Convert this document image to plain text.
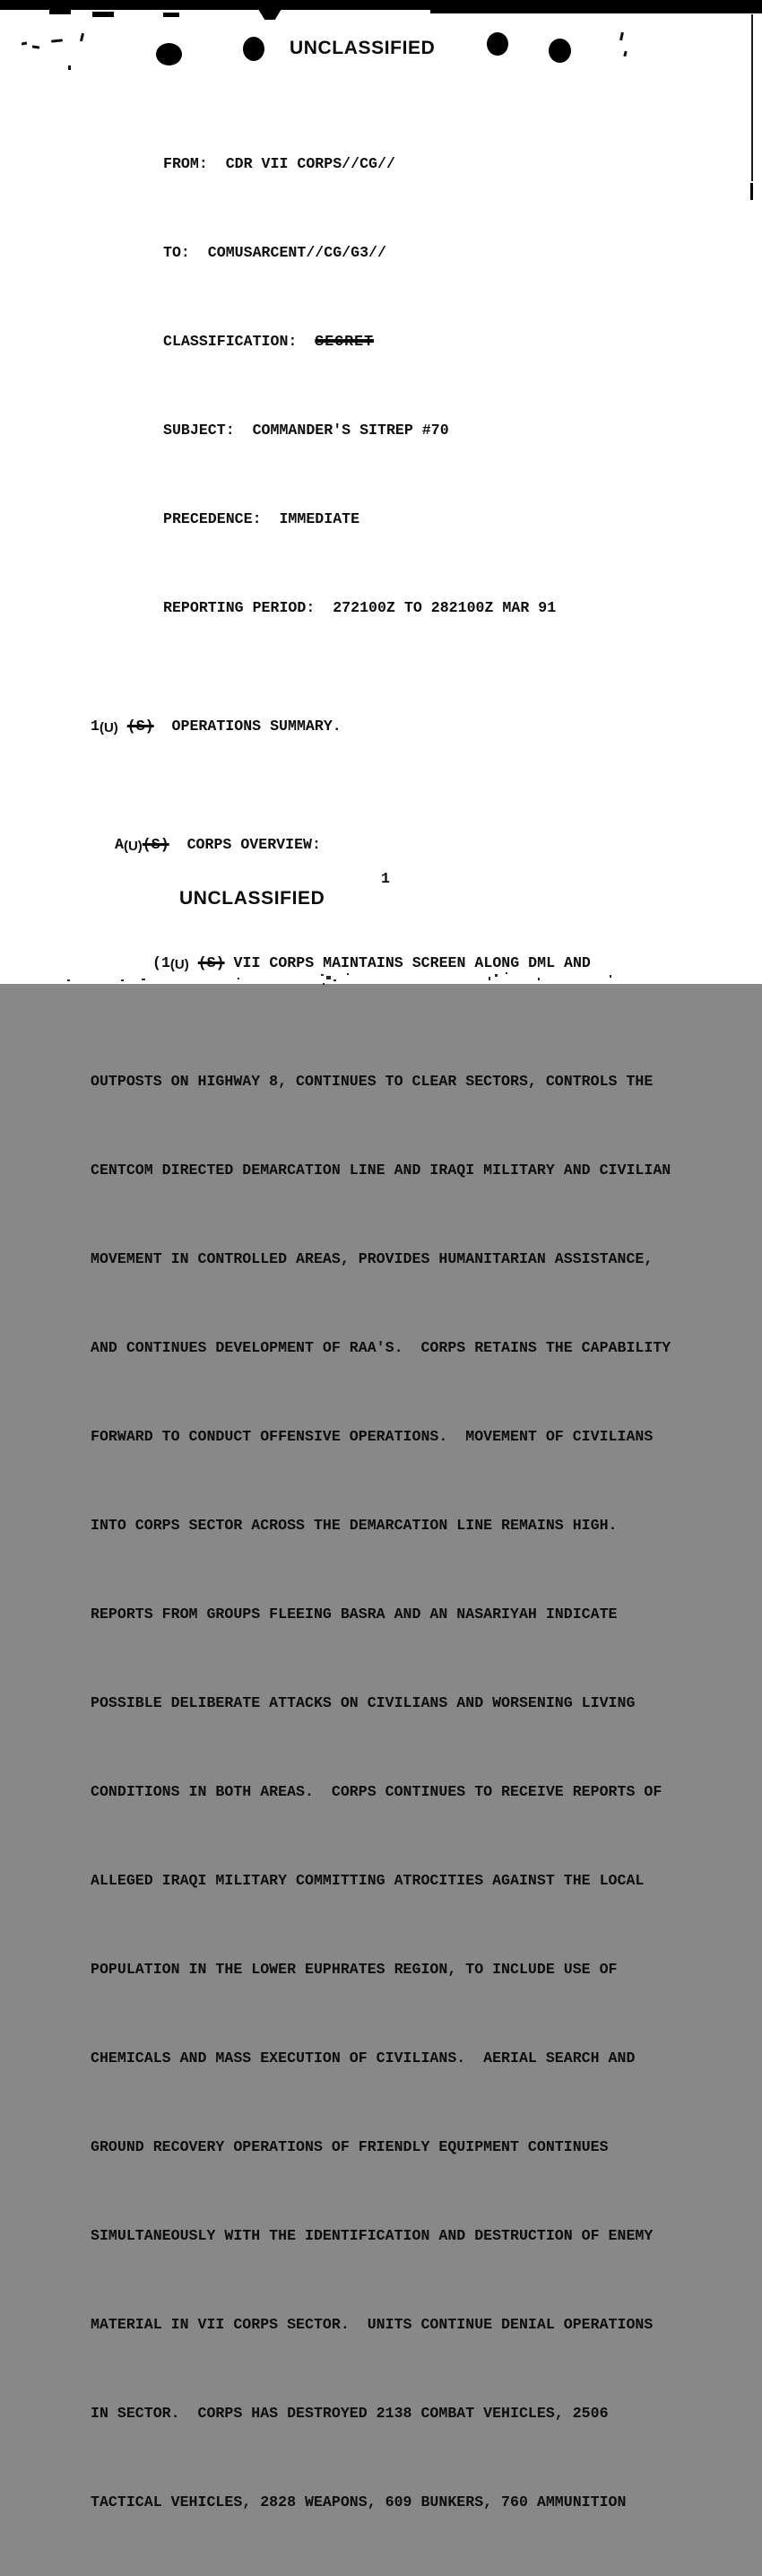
UNCLASSIFIED

FROM:  CDR VII CORPS//CG//

TO:  COMUSARCENT//CG/G3//

CLASSIFICATION:  SECRET

SUBJECT:  COMMANDER'S SITREP #70

PRECEDENCE:  IMMEDIATE

REPORTING PERIOD:  272100Z TO 282100Z MAR 91

1(U) (S)  OPERATIONS SUMMARY.

A(U)(S)  CORPS OVERVIEW:

(1(U) (S) VII CORPS MAINTAINS SCREEN ALONG DML AND

OUTPOSTS ON HIGHWAY 8, CONTINUES TO CLEAR SECTORS, CONTROLS THE

CENTCOM DIRECTED DEMARCATION LINE AND IRAQI MILITARY AND CIVILIAN

MOVEMENT IN CONTROLLED AREAS, PROVIDES HUMANITARIAN ASSISTANCE,

AND CONTINUES DEVELOPMENT OF RAA'S.  CORPS RETAINS THE CAPABILITY

FORWARD TO CONDUCT OFFENSIVE OPERATIONS.  MOVEMENT OF CIVILIANS

INTO CORPS SECTOR ACROSS THE DEMARCATION LINE REMAINS HIGH.

REPORTS FROM GROUPS FLEEING BASRA AND AN NASARIYAH INDICATE

POSSIBLE DELIBERATE ATTACKS ON CIVILIANS AND WORSENING LIVING

CONDITIONS IN BOTH AREAS.  CORPS CONTINUES TO RECEIVE REPORTS OF

ALLEGED IRAQI MILITARY COMMITTING ATROCITIES AGAINST THE LOCAL

POPULATION IN THE LOWER EUPHRATES REGION, TO INCLUDE USE OF

CHEMICALS AND MASS EXECUTION OF CIVILIANS.  AERIAL SEARCH AND

GROUND RECOVERY OPERATIONS OF FRIENDLY EQUIPMENT CONTINUES

SIMULTANEOUSLY WITH THE IDENTIFICATION AND DESTRUCTION OF ENEMY

MATERIAL IN VII CORPS SECTOR.  UNITS CONTINUE DENIAL OPERATIONS

IN SECTOR.  CORPS HAS DESTROYED 2138 COMBAT VEHICLES, 2506

TACTICAL VEHICLES, 2828 WEAPONS, 609 BUNKERS, 760 AMMUNITION

1
UNCLASSIFIED
